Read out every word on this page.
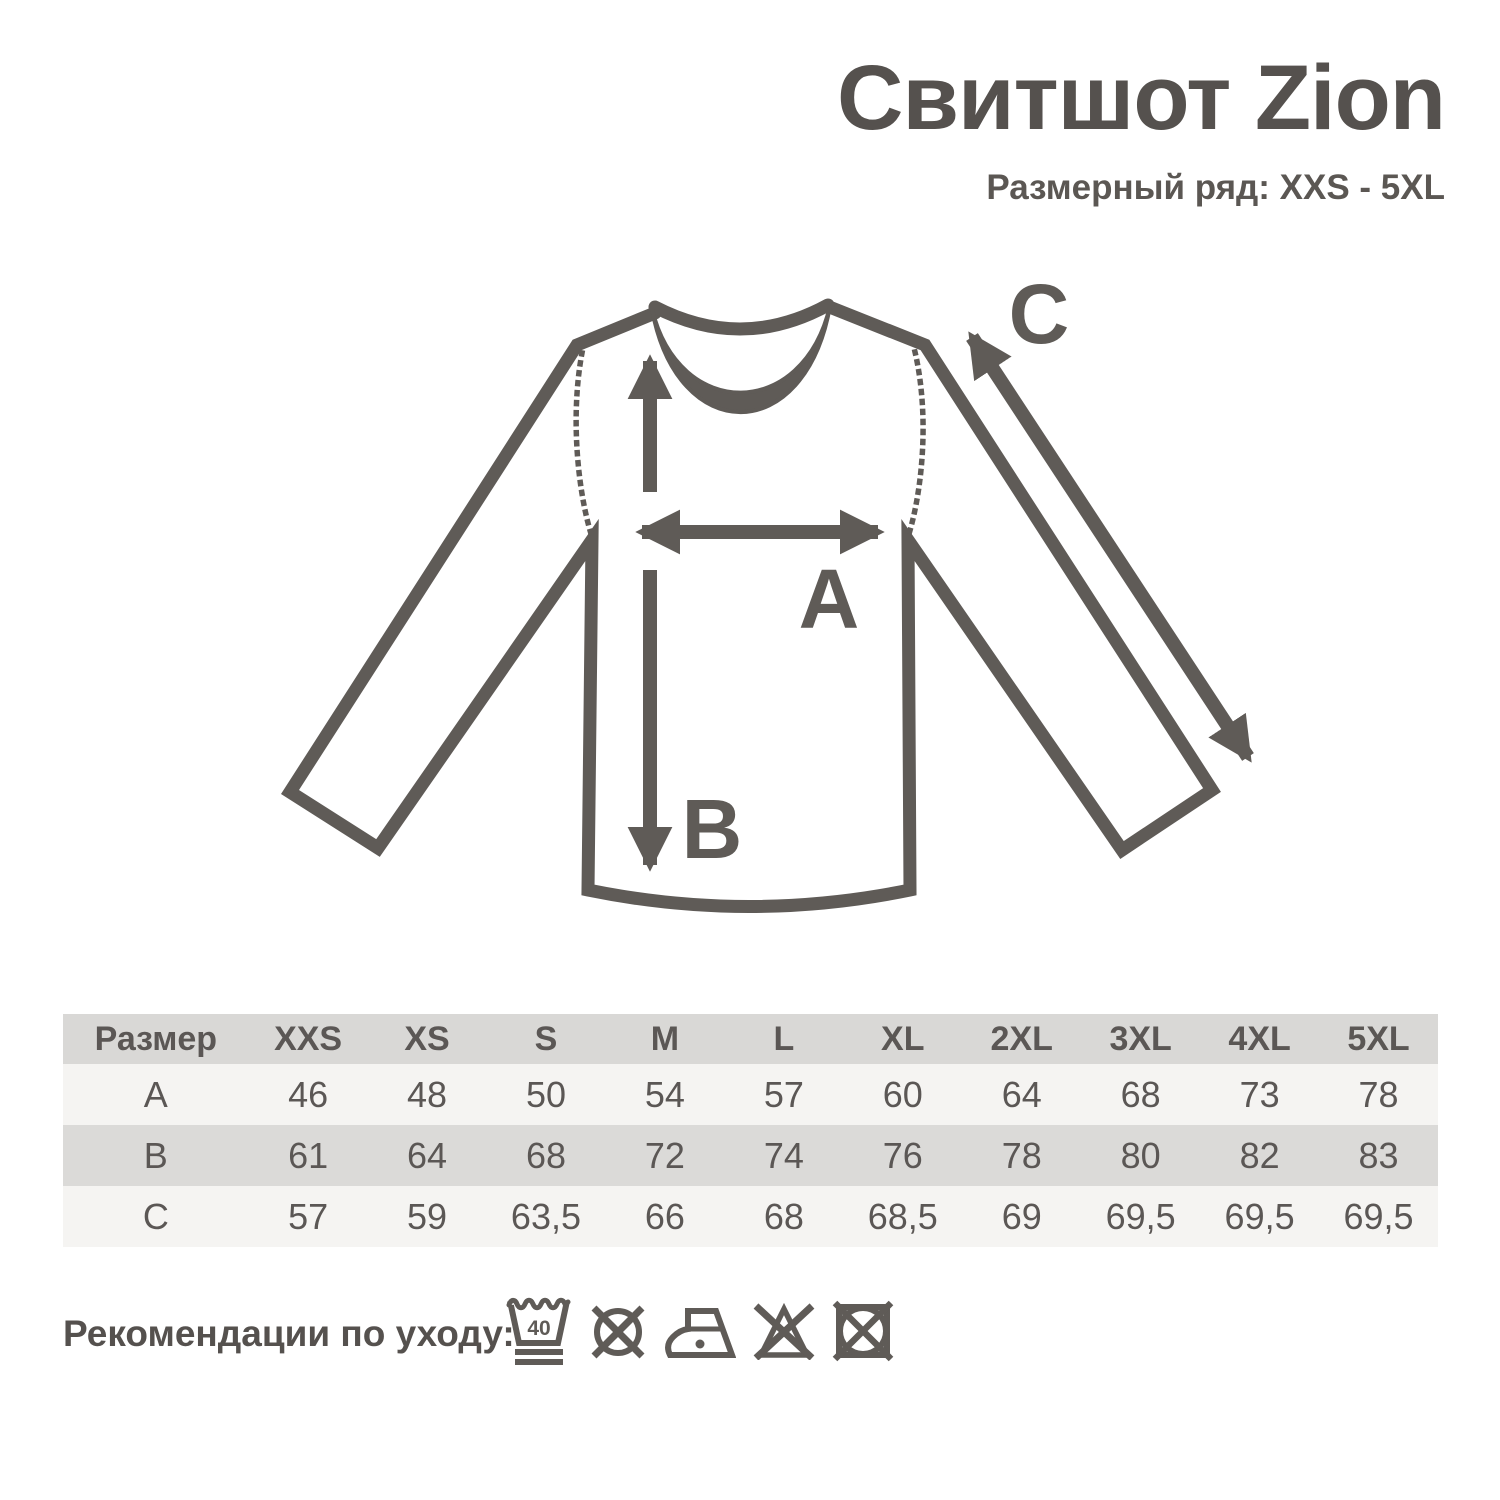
Свитшот Zion
Размерный ряд: XXS - 5XL
A
B
C
Размер	XXS	XS	S	M	L	XL	2XL	3XL	4XL	5XL
A	46	48	50	54	57	60	64	68	73	78
B	61	64	68	72	74	76	78	80	82	83
C	57	59	63,5	66	68	68,5	69	69,5	69,5	69,5
Рекомендации по уходу: 40
